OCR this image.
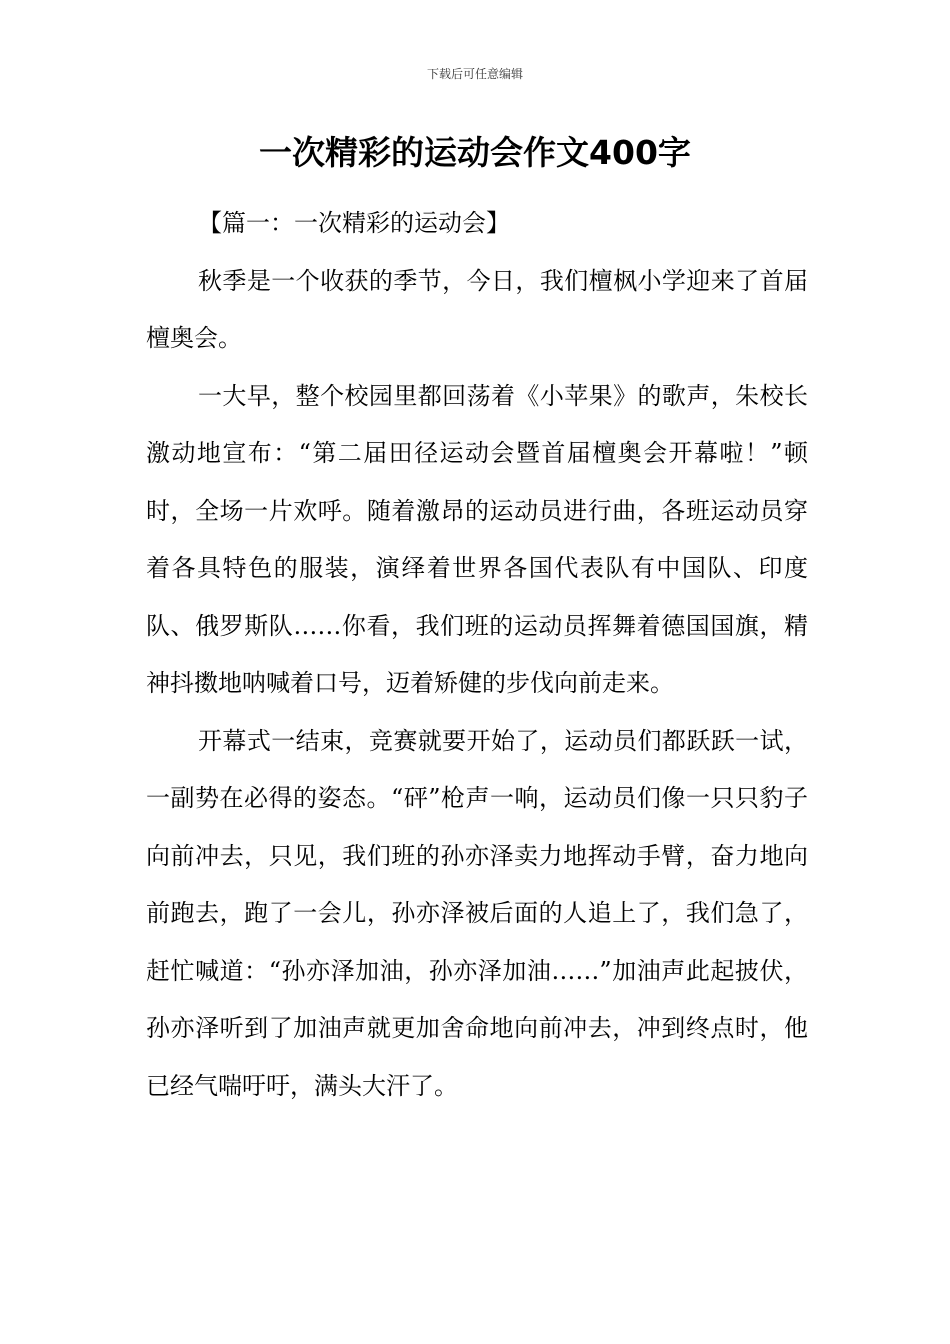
下载后可任意编辑
一次精彩的运动会作文400字

【篇一：一次精彩的运动会】

秋季是一个收获的季节，今日，我们檀枫小学迎来了首届檀奥会。

一大早，整个校园里都回荡着《小苹果》的歌声，朱校长激动地宣布：“第二届田径运动会暨首届檀奥会开幕啦！”顿时，全场一片欢呼。随着激昂的运动员进行曲，各班运动员穿着各具特色的服装，演绎着世界各国代表队有中国队、印度队、俄罗斯队……你看，我们班的运动员挥舞着德国国旗，精神抖擞地呐喊着口号，迈着矫健的步伐向前走来。

开幕式一结束，竞赛就要开始了，运动员们都跃跃一试，一副势在必得的姿态。“砰”枪声一响，运动员们像一只只豹子向前冲去，只见，我们班的孙亦泽卖力地挥动手臂，奋力地向前跑去，跑了一会儿，孙亦泽被后面的人追上了，我们急了，赶忙喊道：“孙亦泽加油，孙亦泽加油……”加油声此起披伏，孙亦泽听到了加油声就更加舍命地向前冲去，冲到终点时，他已经气喘吁吁，满头大汗了。
